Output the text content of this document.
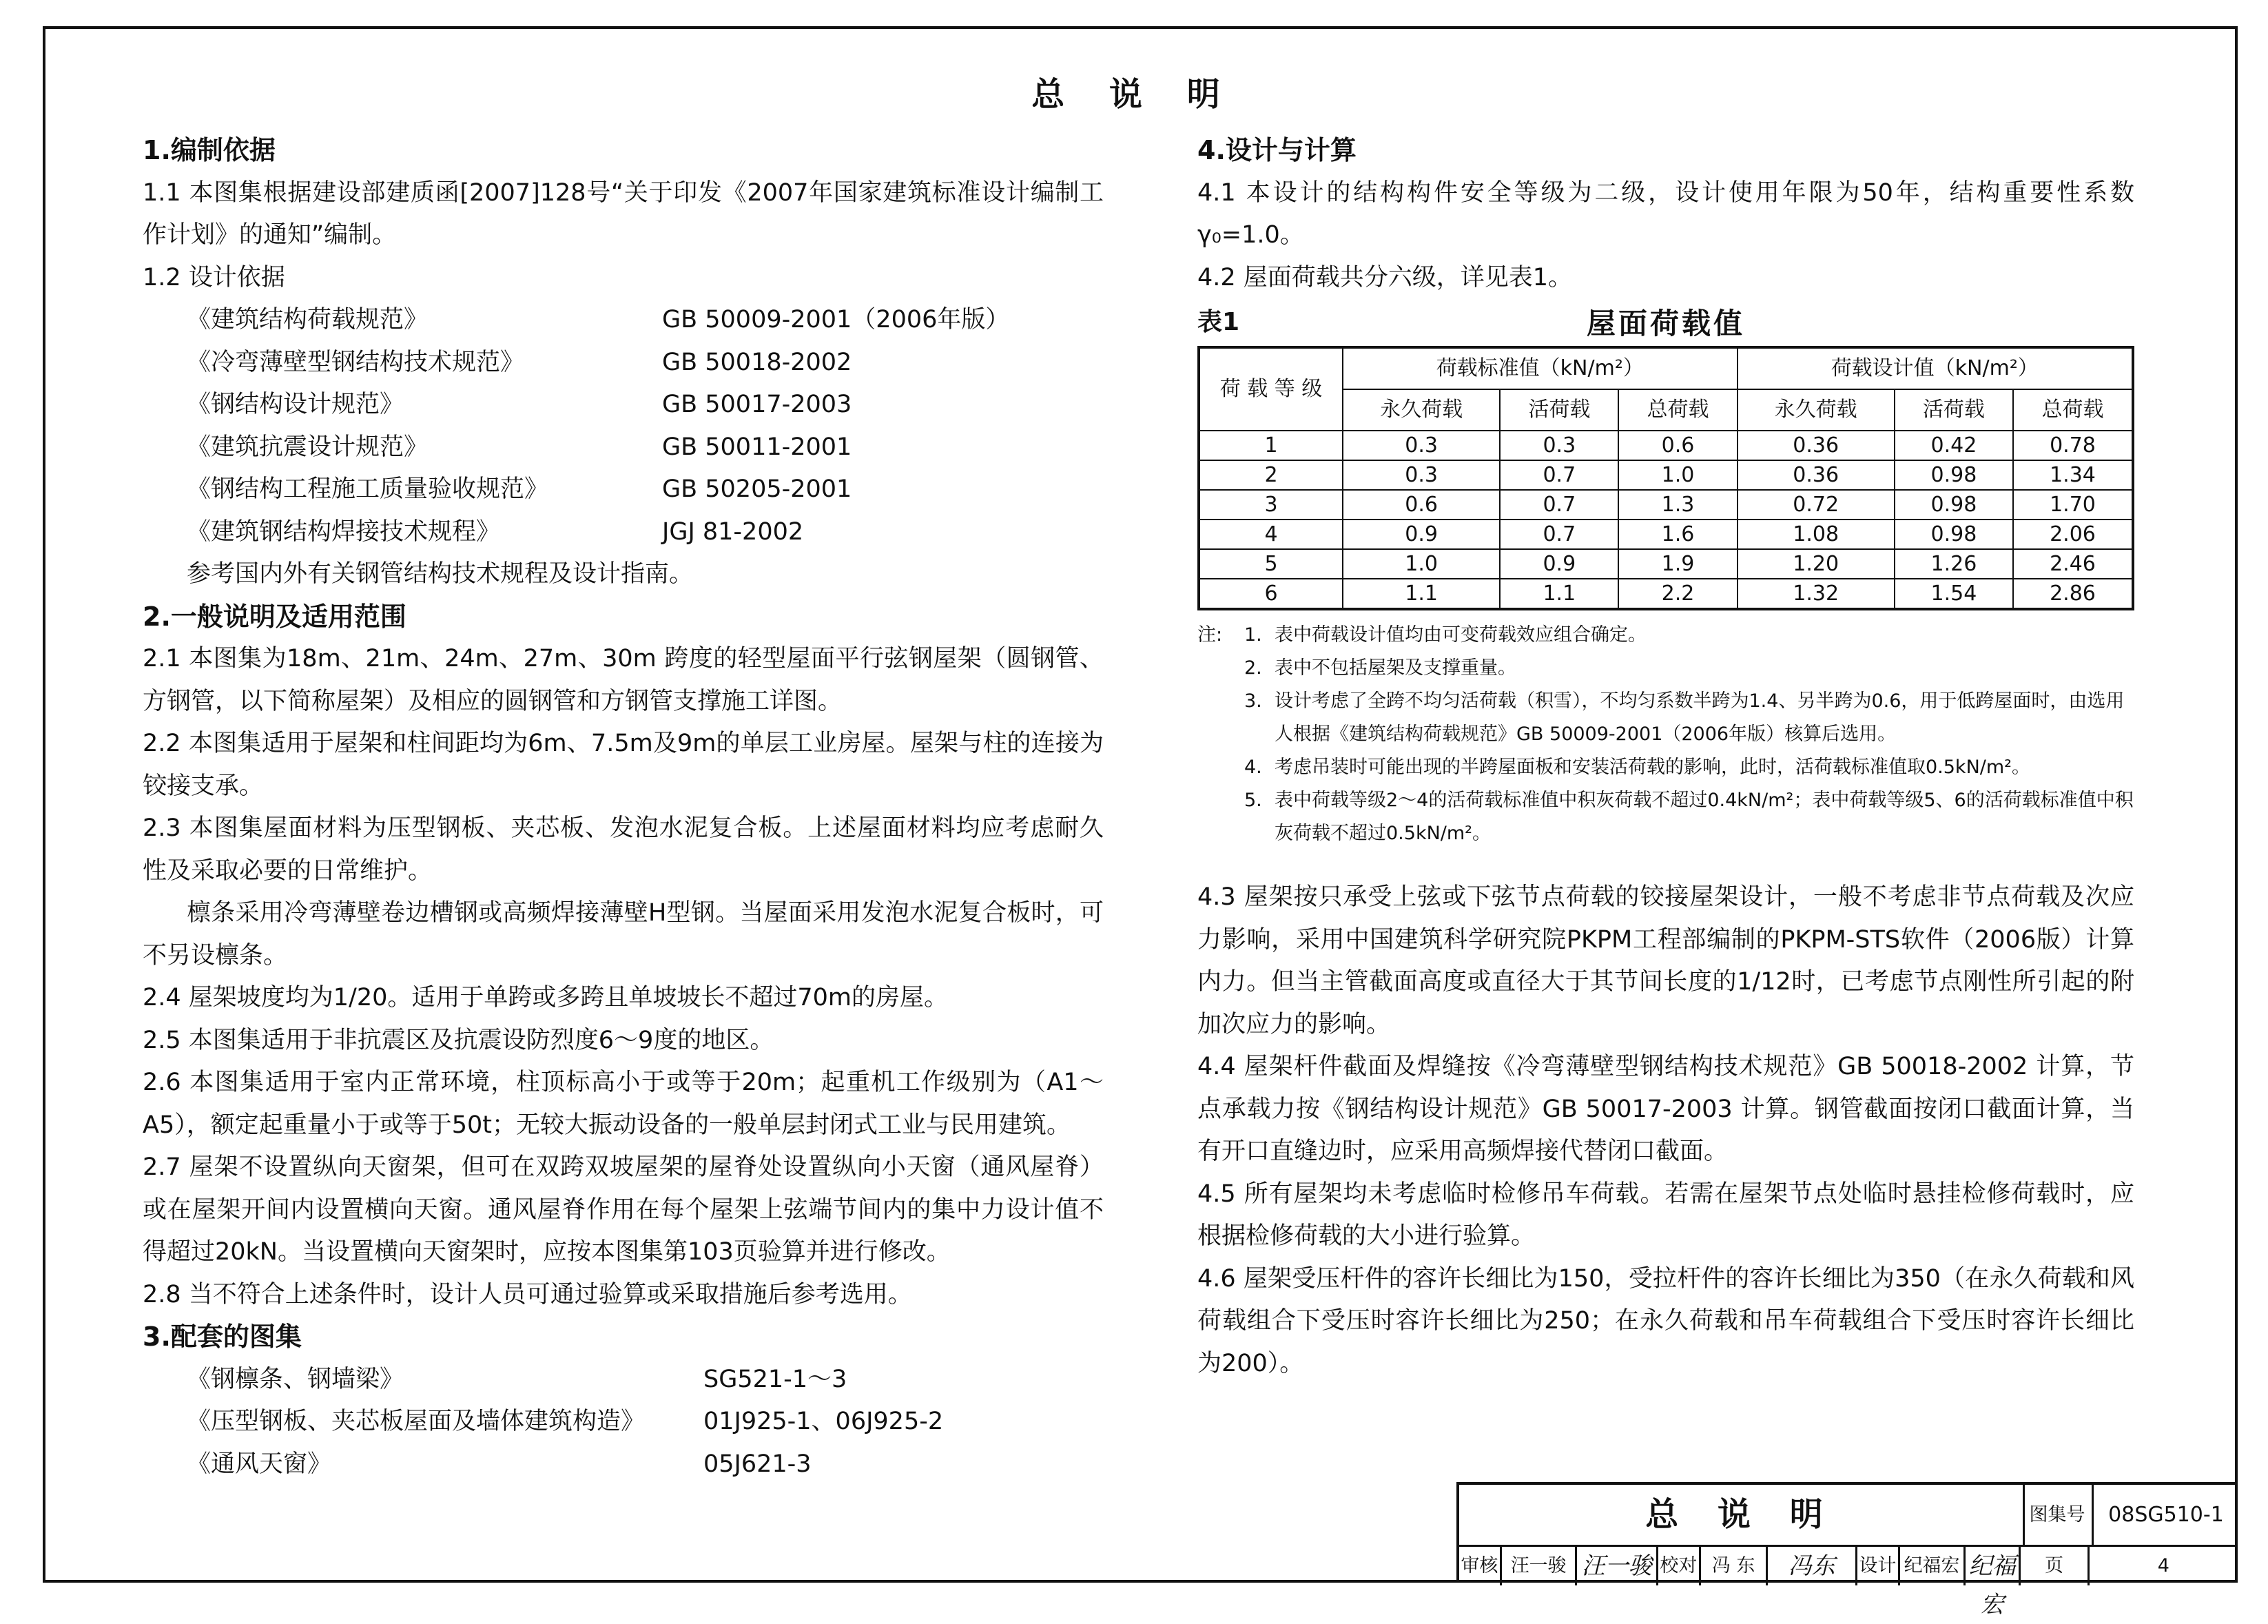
总 说 明
1.编制依据
1.1 本图集根据建设部建质函[2007]128号“关于印发《2007年国家建筑标准设计编制工作计划》的通知”编制。
1.2 设计依据
《建筑结构荷载规范》	GB 50009-2001（2006年版）
《冷弯薄壁型钢结构技术规范》	GB 50018-2002
《钢结构设计规范》	GB 50017-2003
《建筑抗震设计规范》	GB 50011-2001
《钢结构工程施工质量验收规范》	GB 50205-2001
《建筑钢结构焊接技术规程》	JGJ 81-2002
参考国内外有关钢管结构技术规程及设计指南。
2.一般说明及适用范围
2.1 本图集为18m、21m、24m、27m、30m 跨度的轻型屋面平行弦钢屋架（圆钢管、方钢管，以下简称屋架）及相应的圆钢管和方钢管支撑施工详图。
2.2 本图集适用于屋架和柱间距均为6m、7.5m及9m的单层工业房屋。屋架与柱的连接为铰接支承。
2.3 本图集屋面材料为压型钢板、夹芯板、发泡水泥复合板。上述屋面材料均应考虑耐久性及采取必要的日常维护。
檩条采用冷弯薄壁卷边槽钢或高频焊接薄壁H型钢。当屋面采用发泡水泥复合板时，可不另设檩条。
2.4 屋架坡度均为1/20。适用于单跨或多跨且单坡坡长不超过70m的房屋。
2.5 本图集适用于非抗震区及抗震设防烈度6～9度的地区。
2.6 本图集适用于室内正常环境，柱顶标高小于或等于20m；起重机工作级别为（A1～A5），额定起重量小于或等于50t；无较大振动设备的一般单层封闭式工业与民用建筑。
2.7 屋架不设置纵向天窗架，但可在双跨双坡屋架的屋脊处设置纵向小天窗（通风屋脊）或在屋架开间内设置横向天窗。通风屋脊作用在每个屋架上弦端节间内的集中力设计值不得超过20kN。当设置横向天窗架时，应按本图集第103页验算并进行修改。
2.8 当不符合上述条件时，设计人员可通过验算或采取措施后参考选用。
3.配套的图集
《钢檩条、钢墙梁》	SG521-1～3
《压型钢板、夹芯板屋面及墙体建筑构造》	01J925-1、06J925-2
《通风天窗》	05J621-3
4.设计与计算
4.1 本设计的结构构件安全等级为二级，设计使用年限为50年，结构重要性系数γ₀=1.0。
4.2 屋面荷载共分六级，详见表1。
屋面荷载值
表1
荷 载 等 级	荷载标准值（kN/m²）			荷载设计值（kN/m²）		
	永久荷载	活荷载	总荷载	永久荷载	活荷载	总荷载
1	0.3	0.3	0.6	0.36	0.42	0.78
2	0.3	0.7	1.0	0.36	0.98	1.34
3	0.6	0.7	1.3	0.72	0.98	1.70
4	0.9	0.7	1.6	1.08	0.98	2.06
5	1.0	0.9	1.9	1.20	1.26	2.46
6	1.1	1.1	2.2	1.32	1.54	2.86
注:	1. 表中荷载设计值均由可变荷载效应组合确定。
2. 表中不包括屋架及支撑重量。
3. 设计考虑了全跨不均匀活荷载（积雪），不均匀系数半跨为1.4、另半跨为0.6，用于低跨屋面时，由选用人根据《建筑结构荷载规范》GB 50009-2001（2006年版）核算后选用。
4. 考虑吊装时可能出现的半跨屋面板和安装活荷载的影响，此时，活荷载标准值取0.5kN/m²。
5. 表中荷载等级2～4的活荷载标准值中积灰荷载不超过0.4kN/m²；表中荷载等级5、6的活荷载标准值中积灰荷载不超过0.5kN/m²。
4.3 屋架按只承受上弦或下弦节点荷载的铰接屋架设计，一般不考虑非节点荷载及次应力影响，采用中国建筑科学研究院PKPM工程部编制的PKPM-STS软件（2006版）计算内力。但当主管截面高度或直径大于其节间长度的1/12时，已考虑节点刚性所引起的附加次应力的影响。
4.4 屋架杆件截面及焊缝按《冷弯薄壁型钢结构技术规范》GB 50018-2002 计算，节点承载力按《钢结构设计规范》GB 50017-2003 计算。钢管截面按闭口截面计算，当有开口直缝边时，应采用高频焊接代替闭口截面。
4.5 所有屋架均未考虑临时检修吊车荷载。若需在屋架节点处临时悬挂检修荷载时，应根据检修荷载的大小进行验算。
4.6 屋架受压杆件的容许长细比为150，受拉杆件的容许长细比为350（在永久荷载和风荷载组合下受压时容许长细比为250；在永久荷载和吊车荷载组合下受压时容许长细比为200）。
总 说 明	图集号	08SG510-1
审核 汪一骏 汪一骏 校对 冯 东	冯东	设计 纪福宏 纪福宏
页	4
